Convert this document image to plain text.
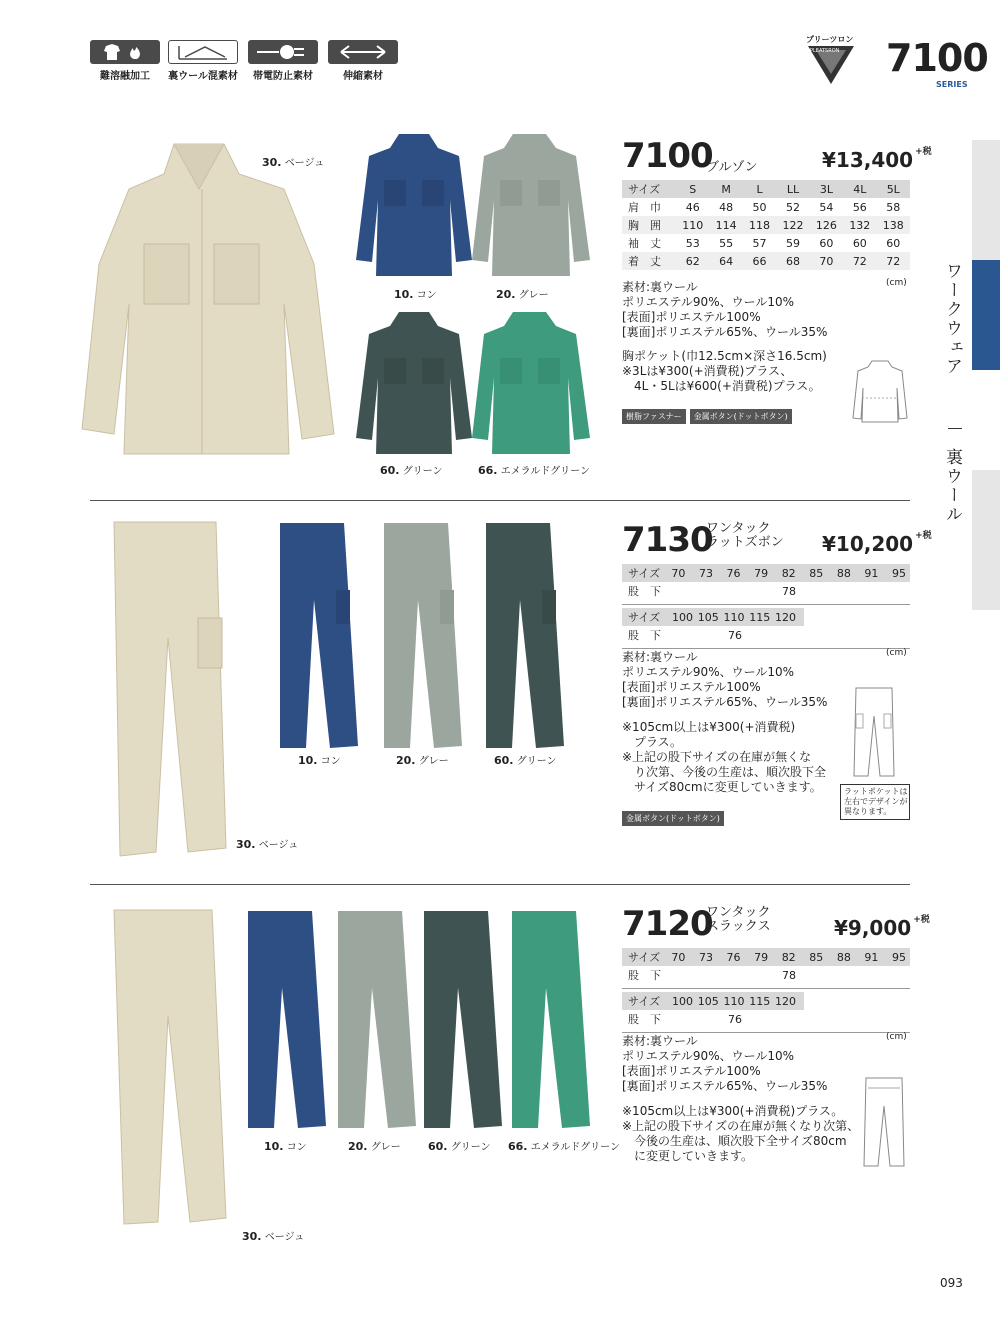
難溶融加工	裏ウール混素材	帯電防止素材	伸縮素材
プリーツロン
PLEATSRON 7100
SERIES
ワークウェア
裏ウール
30. ベージュ
10. コン	20. グレー
60. グリーン	66. エメラルドグリーン
7100
ブルゾン	¥13,400 +税
サイズ	S	M	L	LL	3L	4L	5L
肩　巾	46	48	50	52	54	56	58
胸　囲	110	114	118	122	126	132	138
袖　丈	53	55	57	59	60	60	60
着　丈	62	64	66	68	70	72	72
(cm)
素材:裏ウール
ポリエステル90%、ウール10%
[表面]ポリエステル100%
[裏面]ポリエステル65%、ウール35%
胸ポケット(巾12.5cm×深さ16.5cm)
※3Lは¥300(+消費税)プラス、
　4L・5Lは¥600(+消費税)プラス。
樹脂ファスナー 金属ボタン(ドットボタン)
30. ベージュ
10. コン	20. グレー	60. グリーン
7130
ワンタック
ラットズボン ¥10,200 +税
サイズ	70 73 76 79 82 85 88 91 95
股　下	78
サイズ	100 105 110 115 120
股　下	76
(cm)
素材:裏ウール
ポリエステル90%、ウール10%
[表面]ポリエステル100%
[裏面]ポリエステル65%、ウール35%
※105cm以上は¥300(+消費税)
　プラス。
※上記の股下サイズの在庫が無くな
　り次第、今後の生産は、順次股下全
　サイズ80cmに変更していきます。
金属ボタン(ドットボタン)
ラットポケットは
左右でデザインが
異なります。
30. ベージュ
10. コン	20. グレー 60. グリーン 66. エメラルドグリーン
7120
ワンタック
スラックス	¥9,000 +税
サイズ	70 73 76 79 82 85 88 91 95
股　下	78
サイズ	100 105 110 115 120
股　下	76
(cm)
素材:裏ウール
ポリエステル90%、ウール10%
[表面]ポリエステル100%
[裏面]ポリエステル65%、ウール35%
※105cm以上は¥300(+消費税)プラス。
※上記の股下サイズの在庫が無くなり次第、
　今後の生産は、順次股下全サイズ80cm
　に変更していきます。
093
